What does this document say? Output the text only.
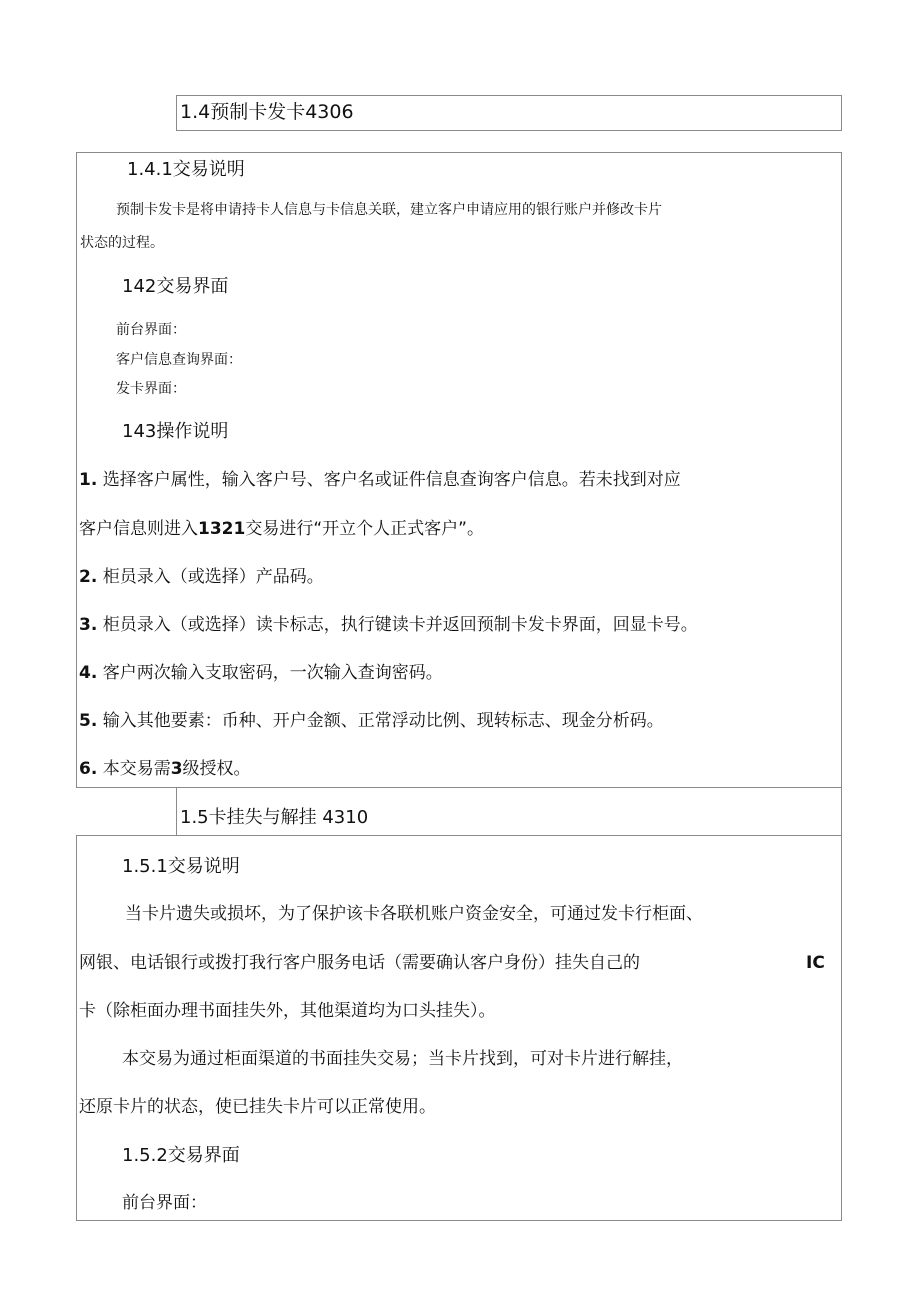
1.4预制卡发卡4306
1.4.1交易说明
预制卡发卡是将申请持卡人信息与卡信息关联，建立客户申请应用的银行账户并修改卡片
状态的过程。
142交易界面
前台界面：
客户信息查询界面：
发卡界面：
143操作说明
1. 选择客户属性，输入客户号、客户名或证件信息查询客户信息。若未找到对应
客户信息则进入1321交易进行“开立个人正式客户”。
2. 柜员录入（或选择）产品码。
3. 柜员录入（或选择）读卡标志，执行键读卡并返回预制卡发卡界面，回显卡号。
4. 客户两次输入支取密码，一次输入查询密码。
5. 输入其他要素：币种、开户金额、正常浮动比例、现转标志、现金分析码。
6. 本交易需3级授权。
1.5卡挂失与解挂 4310
1.5.1交易说明
当卡片遗失或损坏，为了保护该卡各联机账户资金安全，可通过发卡行柜面、
网银、电话银行或拨打我行客户服务电话（需要确认客户身份）挂失自己的	IC
卡（除柜面办理书面挂失外，其他渠道均为口头挂失）。
本交易为通过柜面渠道的书面挂失交易；当卡片找到，可对卡片进行解挂，
还原卡片的状态，使已挂失卡片可以正常使用。
1.5.2交易界面
前台界面：
